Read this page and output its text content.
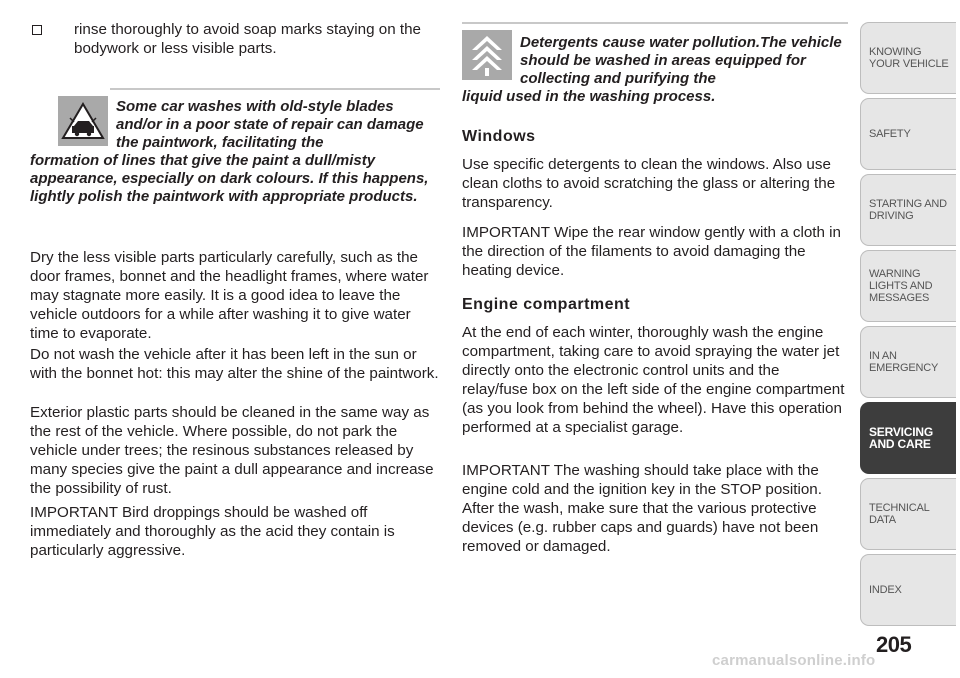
rinse thoroughly to avoid soap marks staying on the bodywork or less visible parts.
Some car washes with old-style blades and/or in a poor state of repair can damage the paintwork, facilitating the
formation of lines that give the paint a dull/misty appearance, especially on dark colours. If this happens, lightly polish the paintwork with appropriate products.

Dry the less visible parts particularly carefully, such as the door frames, bonnet and the headlight frames, where water may stagnate more easily. It is a good idea to leave the vehicle outdoors for a while after washing it to give water time to evaporate.

Do not wash the vehicle after it has been left in the sun or with the bonnet hot: this may alter the shine of the paintwork.

Exterior plastic parts should be cleaned in the same way as the rest of the vehicle. Where possible, do not park the vehicle under trees; the resinous substances released by many species give the paint a dull appearance and increase the possibility of rust.

IMPORTANT Bird droppings should be washed off immediately and thoroughly as the acid they contain is particularly aggressive.

Detergents cause water pollution.The vehicle should be washed in areas equipped for collecting and purifying the
liquid used in the washing process.
Windows

Use specific detergents to clean the windows. Also use clean cloths to avoid scratching the glass or altering the transparency.

IMPORTANT Wipe the rear window gently with a cloth in the direction of the filaments to avoid damaging the heating device.

Engine compartment

At the end of each winter, thoroughly wash the engine compartment, taking care to avoid spraying the water jet directly onto the electronic control units and the relay/fuse box on the left side of the engine compartment (as you look from behind the wheel). Have this operation performed at a specialist garage.

IMPORTANT The washing should take place with the engine cold and the ignition key in the STOP position. After the wash, make sure that the various protective devices (e.g. rubber caps and guards) have not been removed or damaged.

KNOWING YOUR VEHICLE
SAFETY
STARTING AND DRIVING
WARNING LIGHTS AND MESSAGES
IN AN EMERGENCY
SERVICING AND CARE
TECHNICAL DATA
INDEX
205
carmanualsonline.info
